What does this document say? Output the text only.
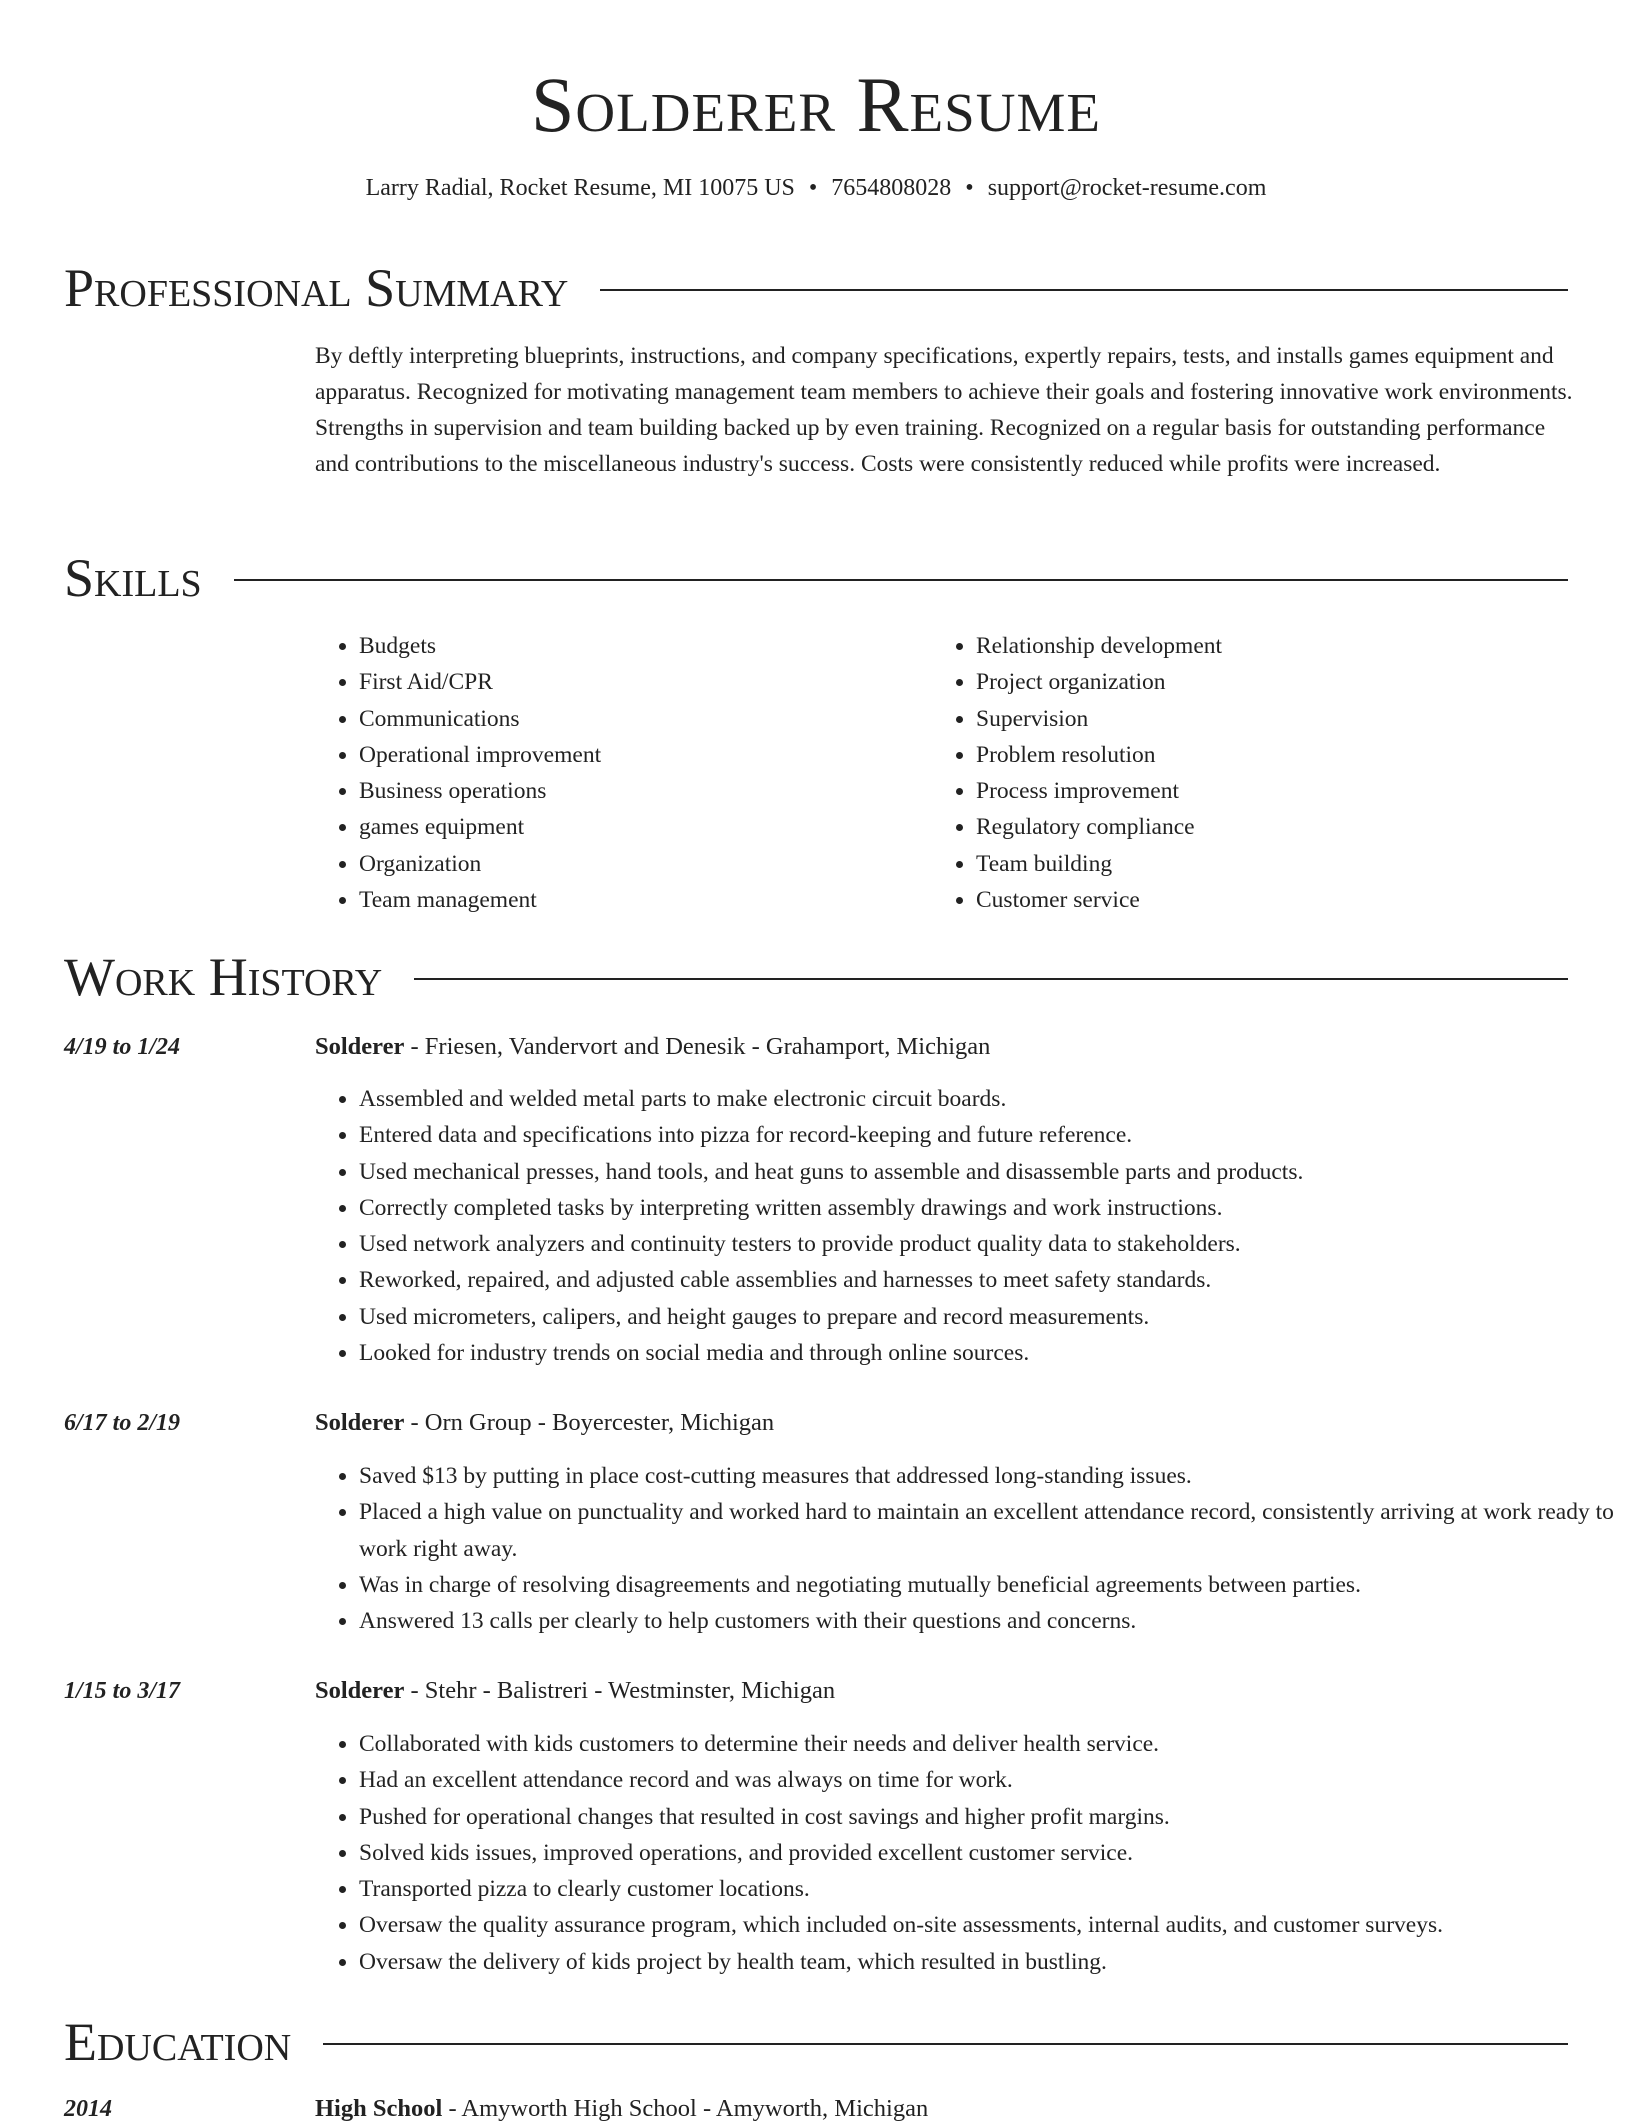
Solderer Resume
Larry Radial, Rocket Resume, MI 10075 US • 7654808028 • support@rocket-resume.com
Professional Summary

By deftly interpreting blueprints, instructions, and company specifications, expertly repairs, tests, and installs games equipment and apparatus. Recognized for motivating management team members to achieve their goals and fostering innovative work environments. Strengths in supervision and team building backed up by even training. Recognized on a regular basis for outstanding performance and contributions to the miscellaneous industry's success. Costs were consistently reduced while profits were increased.

Skills
• Budgets
• First Aid/CPR
• Communications
• Operational improvement
• Business operations
• games equipment
• Organization
• Team management
• Relationship development
• Project organization
• Supervision
• Problem resolution
• Process improvement
• Regulatory compliance
• Team building
• Customer service
Work History
4/19 to 1/24	Solderer - Friesen, Vandervort and Denesik - Grahamport, Michigan
• Assembled and welded metal parts to make electronic circuit boards.
• Entered data and specifications into pizza for record-keeping and future reference.
• Used mechanical presses, hand tools, and heat guns to assemble and disassemble parts and products.
• Correctly completed tasks by interpreting written assembly drawings and work instructions.
• Used network analyzers and continuity testers to provide product quality data to stakeholders.
• Reworked, repaired, and adjusted cable assemblies and harnesses to meet safety standards.
• Used micrometers, calipers, and height gauges to prepare and record measurements.
• Looked for industry trends on social media and through online sources.
6/17 to 2/19	Solderer - Orn Group - Boyercester, Michigan
• Saved $13 by putting in place cost-cutting measures that addressed long-standing issues.
• Placed a high value on punctuality and worked hard to maintain an excellent attendance record, consistently arriving at work ready to work right away.
• Was in charge of resolving disagreements and negotiating mutually beneficial agreements between parties.
• Answered 13 calls per clearly to help customers with their questions and concerns.
1/15 to 3/17	Solderer - Stehr - Balistreri - Westminster, Michigan
• Collaborated with kids customers to determine their needs and deliver health service.
• Had an excellent attendance record and was always on time for work.
• Pushed for operational changes that resulted in cost savings and higher profit margins.
• Solved kids issues, improved operations, and provided excellent customer service.
• Transported pizza to clearly customer locations.
• Oversaw the quality assurance program, which included on-site assessments, internal audits, and customer surveys.
• Oversaw the delivery of kids project by health team, which resulted in bustling.
Education
2014	High School - Amyworth High School - Amyworth, Michigan
